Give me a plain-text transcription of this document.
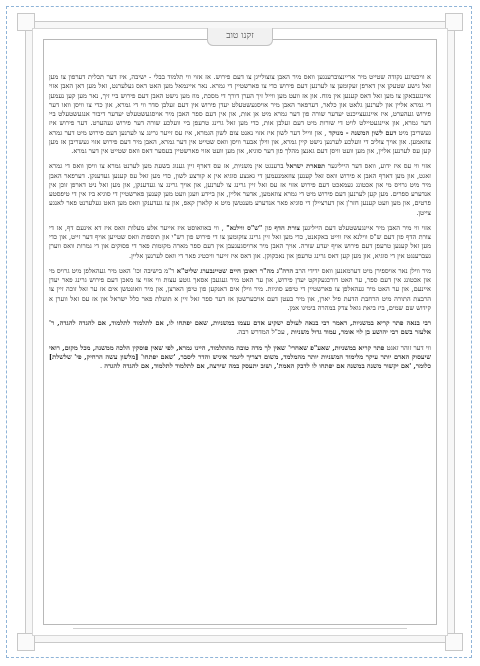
זקנו טוב

א וויכטיגע נקודה שטייט מיר אריינצוברענגען וואס מיר האבן צוצולייגן צו דעם פירוש. אז אזוי ווי תלמוד בבלי - ישיבה, איז דער תכלית דערפון צו מען זאל גישע שטעקן אין דארפן זעקומען צו לערנען דעם פירוש כדי צו פארשטיין די גמרא. נאר איינמאל מען האט דאס געלערנט, זאל מען דאן האבן אזוי איינגעבאקן צו מען זאל דאס קענען אין מוח. און אז וועט מען ווייל זיך הערן דורך די מסכת, מוז מען נישט האבן דעם פירוש ביי זיך, נאר מען קען נעמען די גמרא אליין און לערנען גלאט און כלאר, דערפאר האבן מיר אויסגעשטעלט יעדן פירוש אין דעם זעלבן סדר ווי די גמרא, און כדי צו וויסן וואו דער פירוש געהערט, איז איינגעצייכנט יעדער שורה פון דער גמרא מיט אן אות, און אין דעם ספר האבן מיר אויסגעשטעלט יעדער דיבור אנגעשטעלט ביי דער גמרא, און איינגעטיילט לויט די שורות מיט דעם זעלבן אות, כדי מען זאל גרינג טרעפן ביי וועלכע שורה דער פירוש געהערט. דער פירוש איז געשריבן מיט דעם לשון המשנה - מנוקד , און ווייל דער לשון איז אזוי נאנט צום לשון הגמרא, איז עס זייער גרינג צו לערנען דעם פירוש מיט דער גמרא צוזאמען. און אויך צוליב די וועלכע לערנען נישט קיין גמרא, און ווילן אבער וויסן וואס שטייט אין דער גמרא, האבן מיר דעם פירוש אזוי געשריבן אז מען קען עס לערנען אליין, און מען וועט וויסן דעם גאנצן מהלך פון דער סוגיא, און מען וועט אזוי פארשטיין בעסער דאס וואס שטייט אין דער גמרא.

אזוי ווי עס איז ידוע, וואס דער הייליגער תפארת ישראל ברענגט אין משניות, אז עס דארף זיין גענוג בשעת מען לערנט גמרא צו וויסן וואס די גמרא זאגט, און מען דארף האבן א פירוש וואס זאל קענען צוזאמנעמען די גאנצע סוגיא אין א קורצע לשון, כדי מען זאל עס קענען געדענקן. דערפאר האבן מיר מיט גרויס מי און אכטונג געמאכט דעם פירוש אזוי אז עס זאל זיין גרינג צו לערנען, און אויך גרינג צו געדענקן, און מען זאל ניט דארפן זוכן אין אנדערע ספרים. מען קען לערנען דעם פירוש מיט די גמרא צוזאמען, אדער אליין, און ביידע וועגן וועט מען קענען פארשטיין די סוגיא ביז אין די טיפסטע פרטים, און מען וועט קענען חזר'ן און דערציילן די סוגיא פאר אנדערע מענטשן מיט א קלארן קאפ, און צו געדענקן וואס מען האט געלערנט פאר לאנגע צייטן.

אזוי ווי מיר האבן מיר איינגעשטעלט דעם הייליגען צורת הדף פון "ש"ס ווילנא" , ווי באוואוסט איז אייער אלע מעלות וואס איז דא אינעם דף, אז די צורת הדף פון דעם ש"ס ווילנא איז ווייט באקאנט, כדי מען זאל זיין גרינג צוקומען צו די פירוש פון רש"י און תוספות וואס שטייען אויף דער זייט, און כדי מען זאל קענען טרעפן דעם פירוש אויף יעדע שורה. אויך האבן מיר ארויסגעגעבן אין דעם ספר מארה מקומות פאר די פסוקים און די גמרות וואס ווערן געברענגט אין די סוגיא, און מען קען דאס גרינג טרעפן און נאכקוקן. און דאס איז זייער וויכטיג פאר די וואס לערנען אליין.

מיר ווילן נאר אויספירן מיט דערמאנען וואס ידידי הרב הרה"ג מה"ר ראובן חיים שטיינבערג שליט"א ר"מ בישיבה וכו' האט מיר געהאלפן מיט גרויס מי און אכטונג אין דעם ספר, ער האט דורכגעקוקט יעדן פירוש, און ער האט מיר געגעבן אסאך גוטע עצות ווי אזוי צו מאכן דעם פירוש גרינג פאר יעדן איינעם, און ער האט מיר געהאלפן צו פארשטיין די טיפע סוגיות. מיר ווילן אים דאנקען פון טיפן הארצן, און מיר וואונטשן אים אז ער זאל זוכה זיין צו הרבצת התורה מיט הרחבת הדעת פיל יארן, און מיר בעטן דעם אויבערשטן אז דער ספר זאל זיין א תועלת פאר כלל ישראל און אז עס זאל ווערן א קידוש שם שמים, ביז ביאת גואל צדק במהרה בימינו אמן.

רבי בנאה פתר קריא במשניות, דאמר רבי בנאה לעולם ישקיע אדם עצמו במשניות, שאם יפתחו לו, אם לתלמוד לתלמוד, אם להגדה להגדה, ר' אלעזר בשם רבי יהושע בן לוי אומר, עמוד גדול משניות , עכ"ל המדרש רבה.

ווי דער זוהר זאגט פתר קריא במשניות, שאע"פ שאחרי' שאין לך מדה טובה מהתלמוד, היינו גמרא, לפי שאין פוסקין הלכה ממשנה, מכל מקום, רואי שיעסוק האדם יותר עיקר מלימוד המשניות יותר מהמלמד, משום דצריך ליגמר איניש והדר ליסבר, 'שאם יפתחו' [מלשון עשה הרחיק, פי' שלשלת] כלומר, 'אם יקשור משנה במשנה אם יפתחו לו לדבק האמת', ושוב יתעסק במה שירצה, אם לתלמוד לתלמוד, אם להגדה להגדה .
